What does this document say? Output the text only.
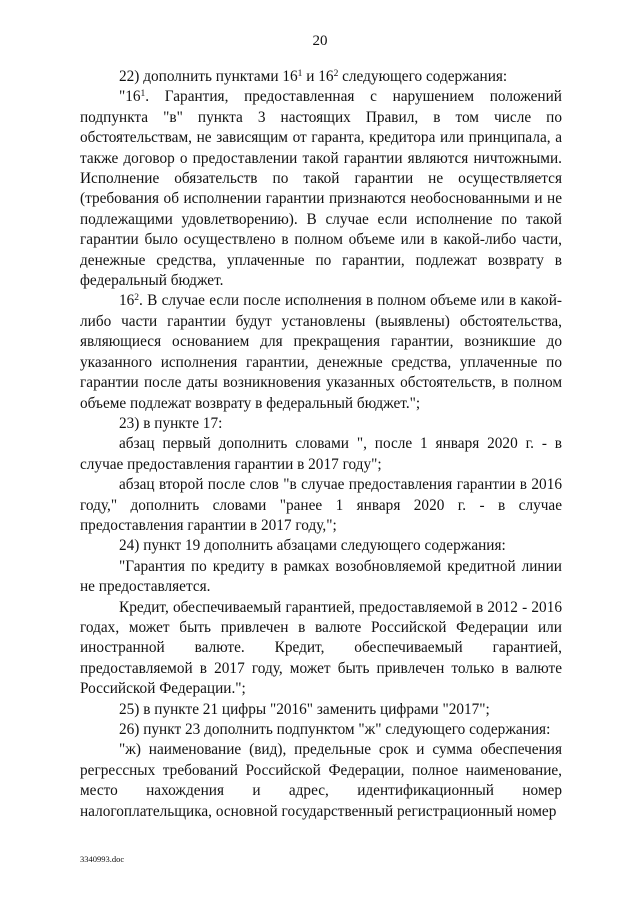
20

22) дополнить пунктами $16^1$ и $16^2$ следующего содержания:

"$16^1$. Гарантия, предоставленная с нарушением положений подпункта "в" пункта 3 настоящих Правил, в том числе по обстоятельствам, не зависящим от гаранта, кредитора или принципала, а также договор о предоставлении такой гарантии являются ничтожными. Исполнение обязательств по такой гарантии не осуществляется (требования об исполнении гарантии признаются необоснованными и не подлежащими удовлетворению). В случае если исполнение по такой гарантии было осуществлено в полном объеме или в какой-либо части, денежные средства, уплаченные по гарантии, подлежат возврату в федеральный бюджет.

$16^2$. В случае если после исполнения в полном объеме или в какой-либо части гарантии будут установлены (выявлены) обстоятельства, являющиеся основанием для прекращения гарантии, возникшие до указанного исполнения гарантии, денежные средства, уплаченные по гарантии после даты возникновения указанных обстоятельств, в полном объеме подлежат возврату в федеральный бюджет.";

23) в пункте 17:

абзац первый дополнить словами ", после 1 января 2020 г. - в случае предоставления гарантии в 2017 году";

абзац второй после слов "в случае предоставления гарантии в 2016 году," дополнить словами "ранее 1 января 2020 г. - в случае предоставления гарантии в 2017 году,";

24) пункт 19 дополнить абзацами следующего содержания:

"Гарантия по кредиту в рамках возобновляемой кредитной линии не предоставляется.

Кредит, обеспечиваемый гарантией, предоставляемой в 2012 - 2016 годах, может быть привлечен в валюте Российской Федерации или иностранной валюте. Кредит, обеспечиваемый гарантией, предоставляемой в 2017 году, может быть привлечен только в валюте Российской Федерации.";

25) в пункте 21 цифры "2016" заменить цифрами "2017";

26) пункт 23 дополнить подпунктом "ж" следующего содержания:

"ж) наименование (вид), предельные срок и сумма обеспечения регрессных требований Российской Федерации, полное наименование, место нахождения и адрес, идентификационный номер налогоплательщика, основной государственный регистрационный номер

3340993.doc
